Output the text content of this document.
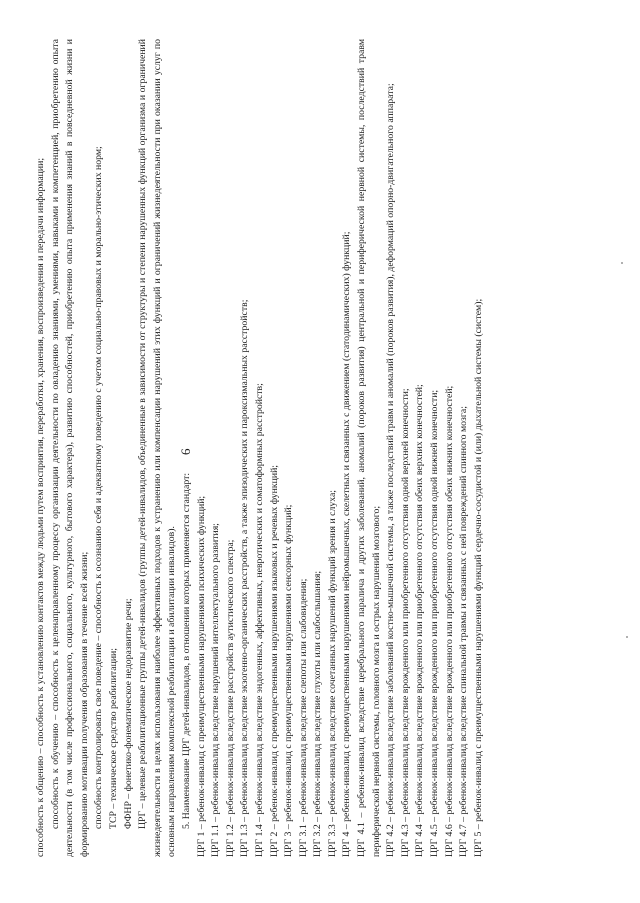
6

способность к общению – способность к установлению контактов между людьми путем восприятия, переработки, хранения, воспроизведения и передачи информации; способность к обучению – способность к целенаправленному процессу организации деятельности по овладению знаниями, умениями, навыками и компетенцией, приобретению опыта деятельности (в том числе профессионального, социального, культурного, бытового характера), развитию способностей, приобретению опыта применения знаний в повседневной жизни и формированию мотивации получения образования в течение всей жизни; способность контролировать свое поведение – способность к осознанию себя и адекватному поведению с учетом социально-правовых и морально-этических норм; ТСР – техническое средство реабилитации; ФФНР – фонетико-фонематическое недоразвитие речи; ЦРГ – целевые реабилитационные группы детей-инвалидов (группы детей-инвалидов, объединенные в зависимости от структуры и степени нарушенных функций организма и ограничений жизнедеятельности в целях использования наиболее эффективных подходов к устранению или компенсации нарушений этих функций и ограничений жизнедеятельности при оказании услуг по основным направлениям комплексной реабилитации и абилитации инвалидов). 5. Наименование ЦРГ детей-инвалидов, в отношении которых применяется стандарт: ЦРГ 1 – ребенок-инвалид с преимущественными нарушениями психических функций; ЦРГ 1.1 – ребенок-инвалид вследствие нарушений интеллектуального развития; ЦРГ 1.2 – ребенок-инвалид вследствие расстройств аутистического спектра; ЦРГ 1.3 – ребенок-инвалид вследствие экзогенно-органических расстройств, а также эпизодических и пароксизмальных расстройств; ЦРГ 1.4 – ребенок-инвалид вследствие эндогенных, аффективных, невротических и соматоформных расстройств; ЦРГ 2 – ребенок-инвалид с преимущественными нарушениями языковых и речевых функций; ЦРГ 3 – ребенок-инвалид с преимущественными нарушениями сенсорных функций; ЦРГ 3.1 – ребенок-инвалид вследствие слепоты или слабовидения; ЦРГ 3.2 – ребенок-инвалид вследствие глухоты или слабослышания; ЦРГ 3.3 – ребенок-инвалид вследствие сочетанных нарушений функций зрения и слуха; ЦРГ 4 – ребенок-инвалид с преимущественными нарушениями нейромышечных, скелетных и связанных с движением (статодинамических) функций; ЦРГ 4.1 – ребенок-инвалид вследствие церебрального паралича и других заболеваний, аномалий (пороков развития) центральной и периферической нервной системы, последствий травм периферической нервной системы, головного мозга и острых нарушений мозгового; ЦРГ 4.2 – ребенок-инвалид вследствие заболеваний костно-мышечной системы, а также последствий травм и аномалий (пороков развития), деформаций опорно-двигательного аппарата; ЦРГ 4.3 – ребенок-инвалид вследствие врожденного или приобретенного отсутствия одной верхней конечности; ЦРГ 4.4 – ребенок-инвалид вследствие врожденного или приобретенного отсутствия обеих верхних конечностей; ЦРГ 4.5 – ребенок-инвалид вследствие врожденного или приобретенного отсутствия одной нижней конечности; ЦРГ 4.6 – ребенок-инвалид вследствие врожденного или приобретенного отсутствия обеих нижних конечностей; ЦРГ 4.7 – ребенок-инвалид вследствие спинальной травмы и связанных с ней повреждений спинного мозга; ЦРГ 5 – ребенок-инвалид с преимущественными нарушениями функций сердечно-сосудистой и (или) дыхательной системы (систем);
